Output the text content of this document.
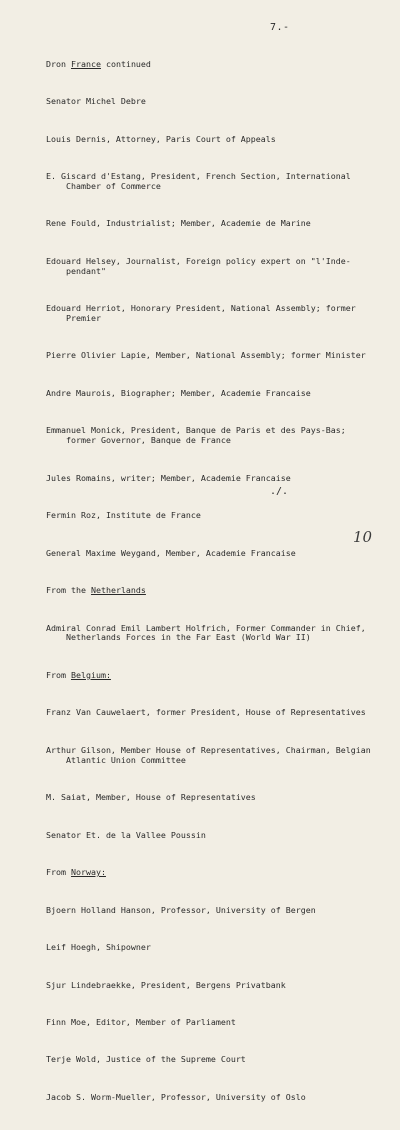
7.-

Dron France continued

Senator Michel Debre

Louis Dernis, Attorney, Paris Court of Appeals

E. Giscard d'Estang, President, French Section, International
Chamber of Commerce

Rene Fould, Industrialist; Member, Academie de Marine

Edouard Helsey, Journalist, Foreign policy expert on "l'Inde-
pendant"

Edouard Herriot, Honorary President, National Assembly; former
Premier

Pierre Olivier Lapie, Member, National Assembly; former Minister

Andre Maurois, Biographer; Member, Academie Francaise

Emmanuel Monick, President, Banque de Paris et des Pays-Bas;
former Governor, Banque de France

Jules Romains, writer; Member, Academie Francaise

Fermin Roz, Institute de France

General Maxime Weygand, Member, Academie Francaise

From the Netherlands

Admiral Conrad Emil Lambert Holfrich, Former Commander in Chief,
Netherlands Forces in the Far East (World War II)

From Belgium:

Franz Van Cauwelaert, former President, House of Representatives

Arthur Gilson, Member House of Representatives, Chairman, Belgian
Atlantic Union Committee

M. Saiat, Member, House of Representatives

Senator Et. de la Vallee Poussin

From Norway:

Bjoern Holland Hanson, Professor, University of Bergen

Leif Hoegh, Shipowner

Sjur Lindebraekke, President, Bergens Privatbank

Finn Moe, Editor, Member of Parliament

Terje Wold, Justice of the Supreme Court

Jacob S. Worm-Mueller, Professor, University of Oslo

./.
10
